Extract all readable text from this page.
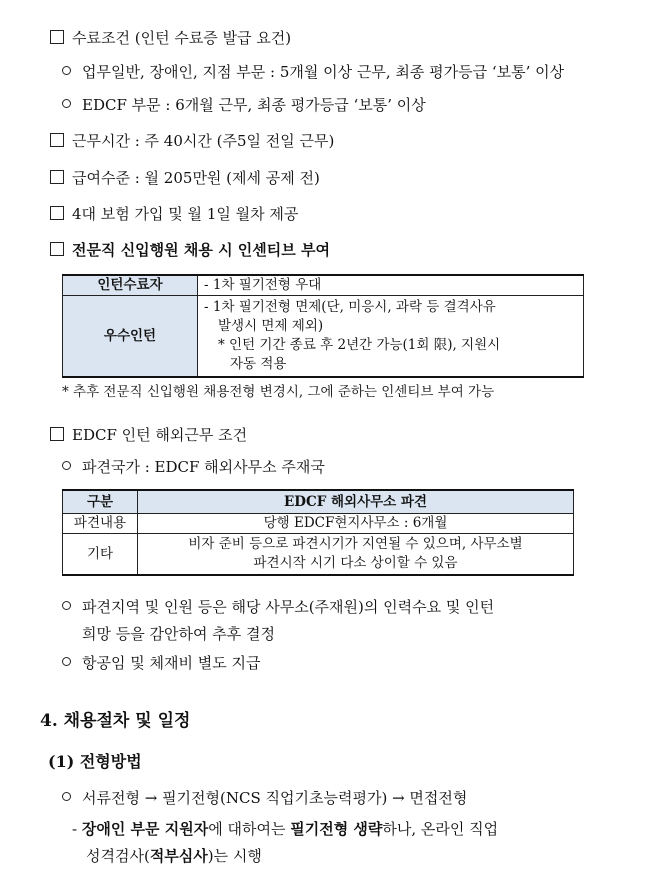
수료조건 (인턴 수료증 발급 요건)
업무일반, 장애인, 지점 부문 : 5개월 이상 근무, 최종 평가등급 ‘보통’ 이상
EDCF 부문 : 6개월 근무, 최종 평가등급 ‘보통’ 이상
근무시간 : 주 40시간 (주5일 전일 근무)
급여수준 : 월 205만원 (제세 공제 전)
4대 보험 가입 및 월 1일 월차 제공
전문직 신입행원 채용 시 인센티브 부여
인턴수료자	- 1차 필기전형 우대
우수인턴	- 1차 필기전형 면제(단, 미응시, 과락 등 결격사유
발생시 면제 제외)
* 인턴 기간 종료 후 2년간 가능(1회 限), 지원시
자동 적용
* 추후 전문직 신입행원 채용전형 변경시, 그에 준하는 인센티브 부여 가능
EDCF 인턴 해외근무 조건
파견국가 : EDCF 해외사무소 주재국
구분	EDCF 해외사무소 파견
파견내용	당행 EDCF현지사무소 : 6개월
기타	비자 준비 등으로 파견시기가 지연될 수 있으며, 사무소별
파견시작 시기 다소 상이할 수 있음
파견지역 및 인원 등은 해당 사무소(주재원)의 인력수요 및 인턴
희망 등을 감안하여 추후 결정
항공임 및 체재비 별도 지급
4. 채용절차 및 일정
(1) 전형방법
서류전형 → 필기전형(NCS 직업기초능력평가) → 면접전형
- 장애인 부문 지원자에 대하여는 필기전형 생략하나, 온라인 직업
성격검사(적부심사)는 시행
